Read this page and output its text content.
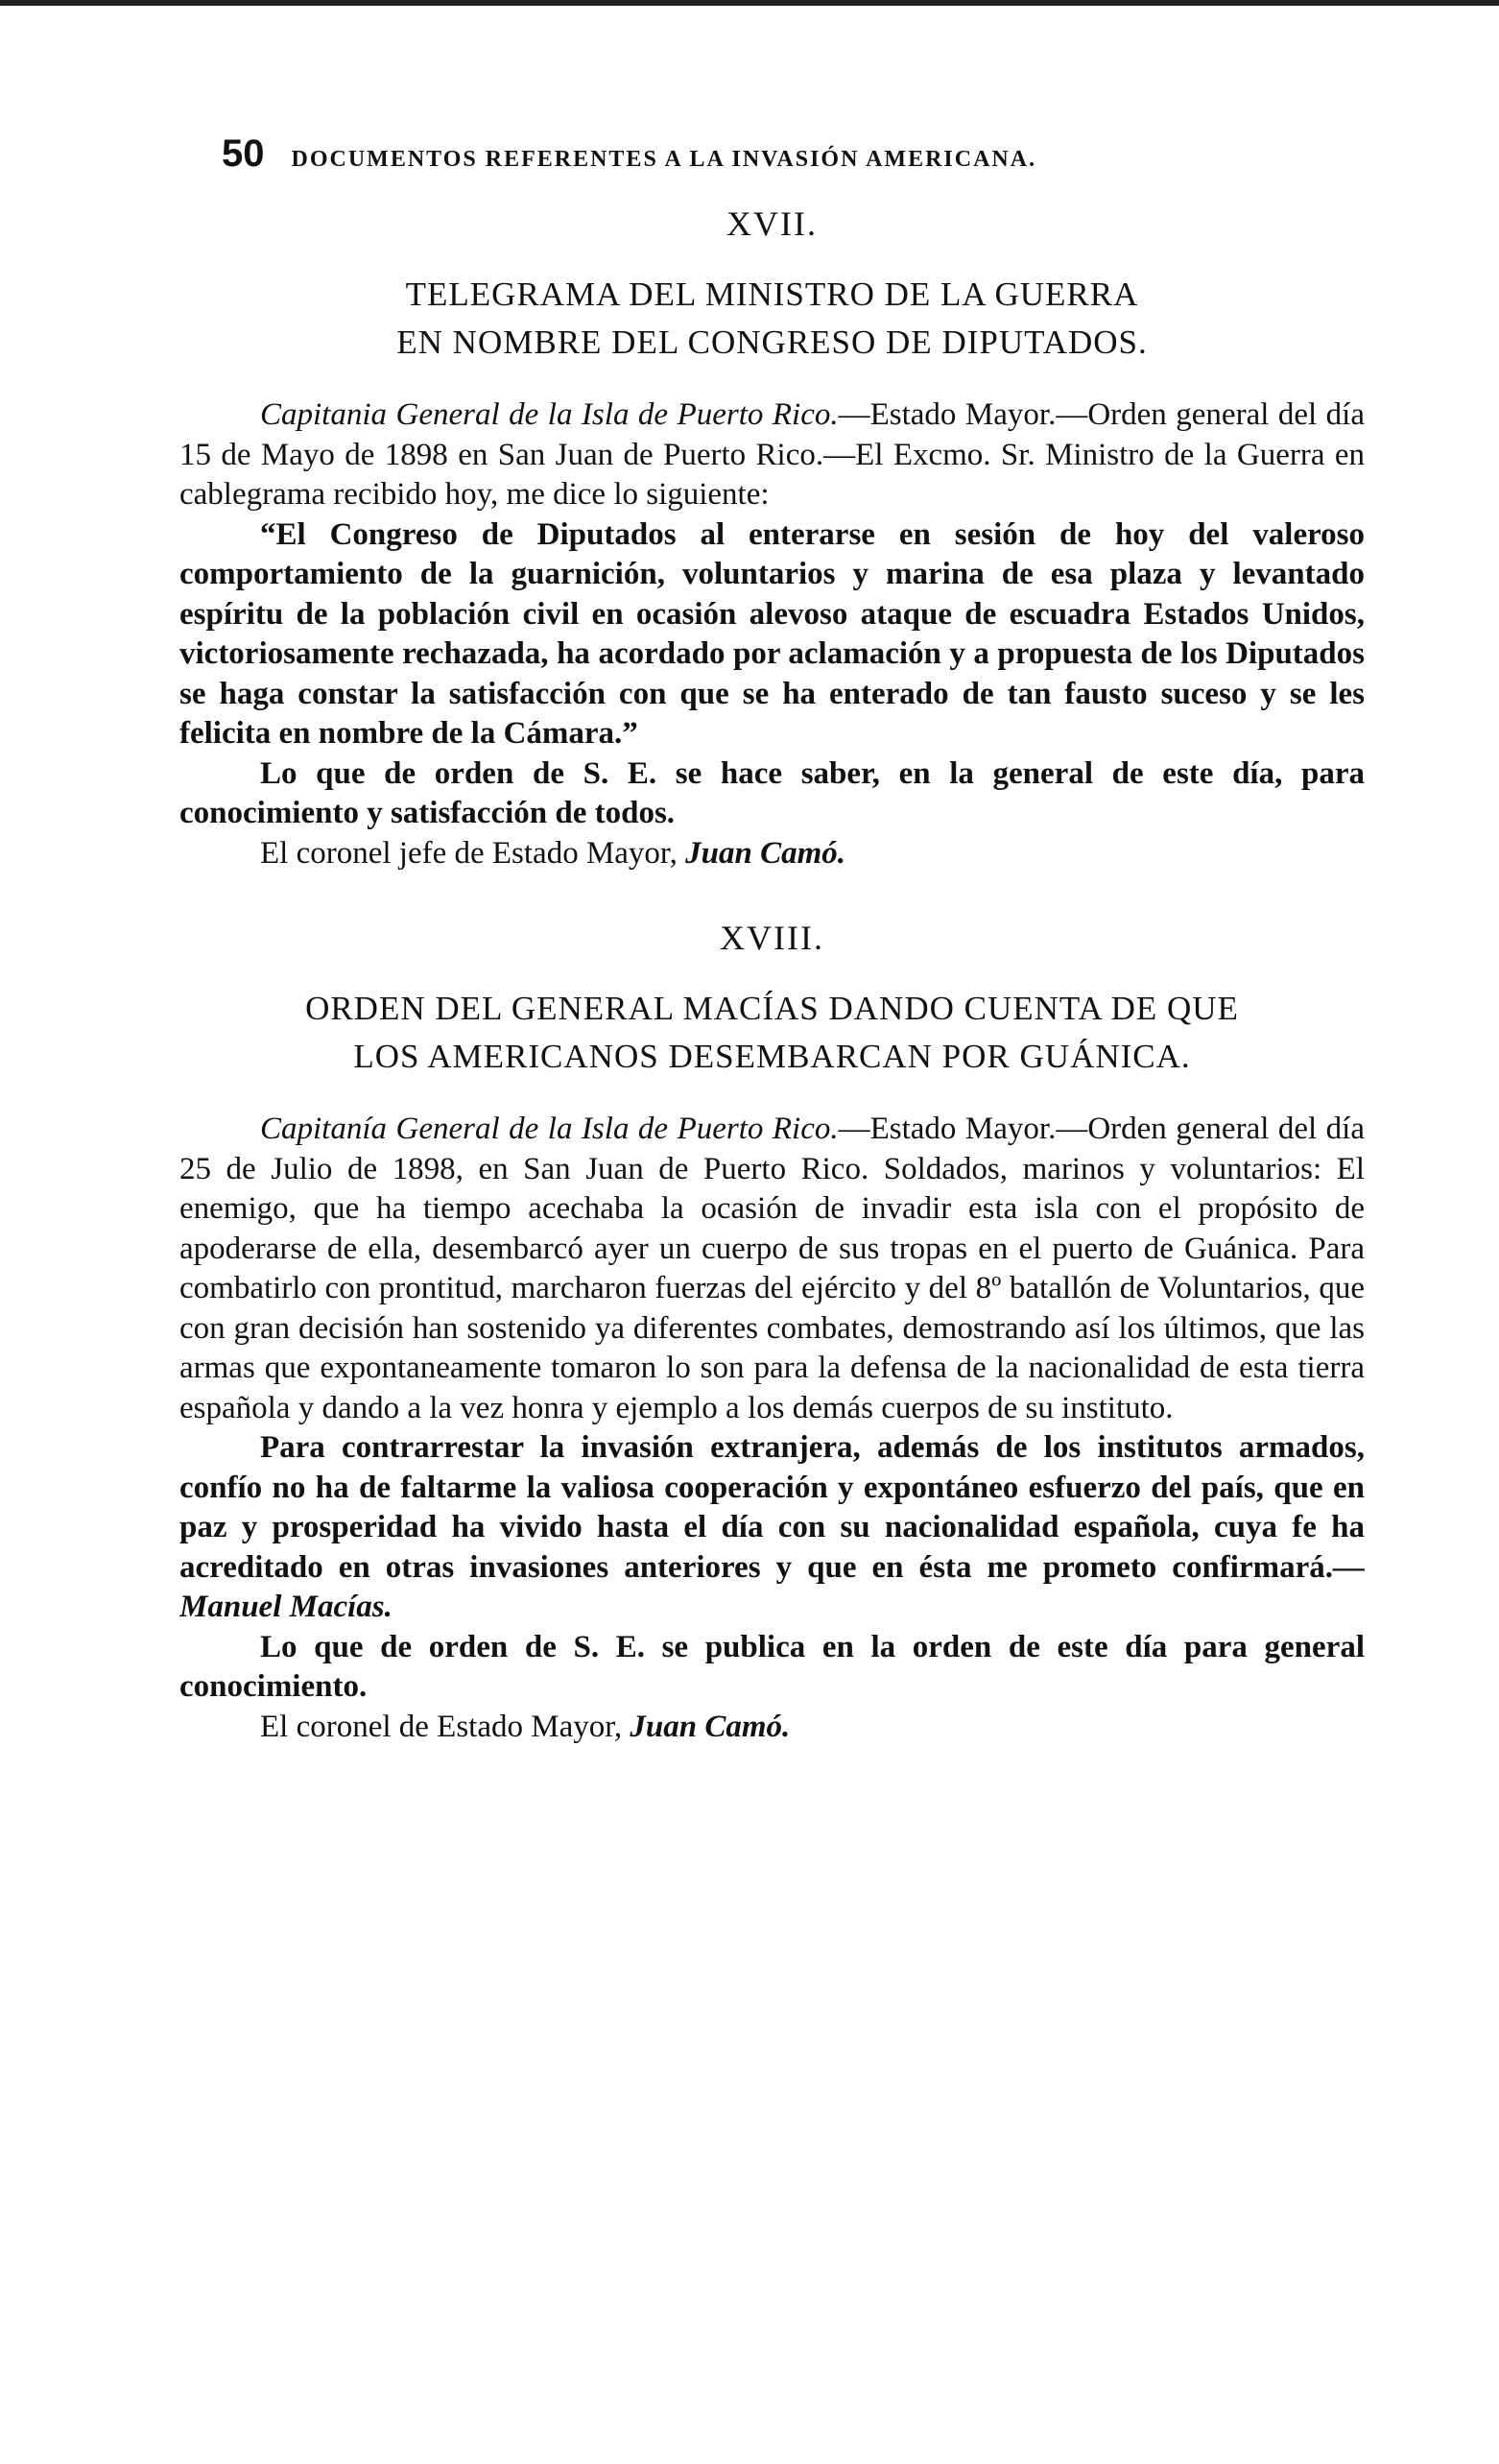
50 DOCUMENTOS REFERENTES A LA INVASIÓN AMERICANA.
XVII.
TELEGRAMA DEL MINISTRO DE LA GUERRA
EN NOMBRE DEL CONGRESO DE DIPUTADOS.

Capitania General de la Isla de Puerto Rico.—Estado Mayor.—Orden general del día 15 de Mayo de 1898 en San Juan de Puerto Rico.—El Excmo. Sr. Ministro de la Guerra en cablegrama recibido hoy, me dice lo siguiente:

“El Congreso de Diputados al enterarse en sesión de hoy del valeroso comportamiento de la guarnición, voluntarios y marina de esa plaza y levantado espíritu de la población civil en ocasión alevoso ataque de escuadra Estados Unidos, victoriosamente rechazada, ha acordado por aclamación y a propuesta de los Diputados se haga constar la satisfacción con que se ha enterado de tan fausto suceso y se les felicita en nombre de la Cámara.”

Lo que de orden de S. E. se hace saber, en la general de este día, para conocimiento y satisfacción de todos.

El coronel jefe de Estado Mayor, Juan Camó.

XVIII.
ORDEN DEL GENERAL MACÍAS DANDO CUENTA DE QUE
LOS AMERICANOS DESEMBARCAN POR GUÁNICA.

Capitanía General de la Isla de Puerto Rico.—Estado Mayor.—Orden general del día 25 de Julio de 1898, en San Juan de Puerto Rico. Soldados, marinos y voluntarios: El enemigo, que ha tiempo acechaba la ocasión de invadir esta isla con el propósito de apoderarse de ella, desembarcó ayer un cuerpo de sus tropas en el puerto de Guánica. Para combatirlo con prontitud, marcharon fuerzas del ejército y del 8º batallón de Voluntarios, que con gran decisión han sostenido ya diferentes combates, demostrando así los últimos, que las armas que expontaneamente tomaron lo son para la defensa de la nacionalidad de esta tierra española y dando a la vez honra y ejemplo a los demás cuerpos de su instituto.

Para contrarrestar la invasión extranjera, además de los institutos armados, confío no ha de faltarme la valiosa cooperación y expontáneo esfuerzo del país, que en paz y prosperidad ha vivido hasta el día con su nacionalidad española, cuya fe ha acreditado en otras invasiones anteriores y que en ésta me prometo confirmará.—Manuel Macías.

Lo que de orden de S. E. se publica en la orden de este día para general conocimiento.

El coronel de Estado Mayor, Juan Camó.
